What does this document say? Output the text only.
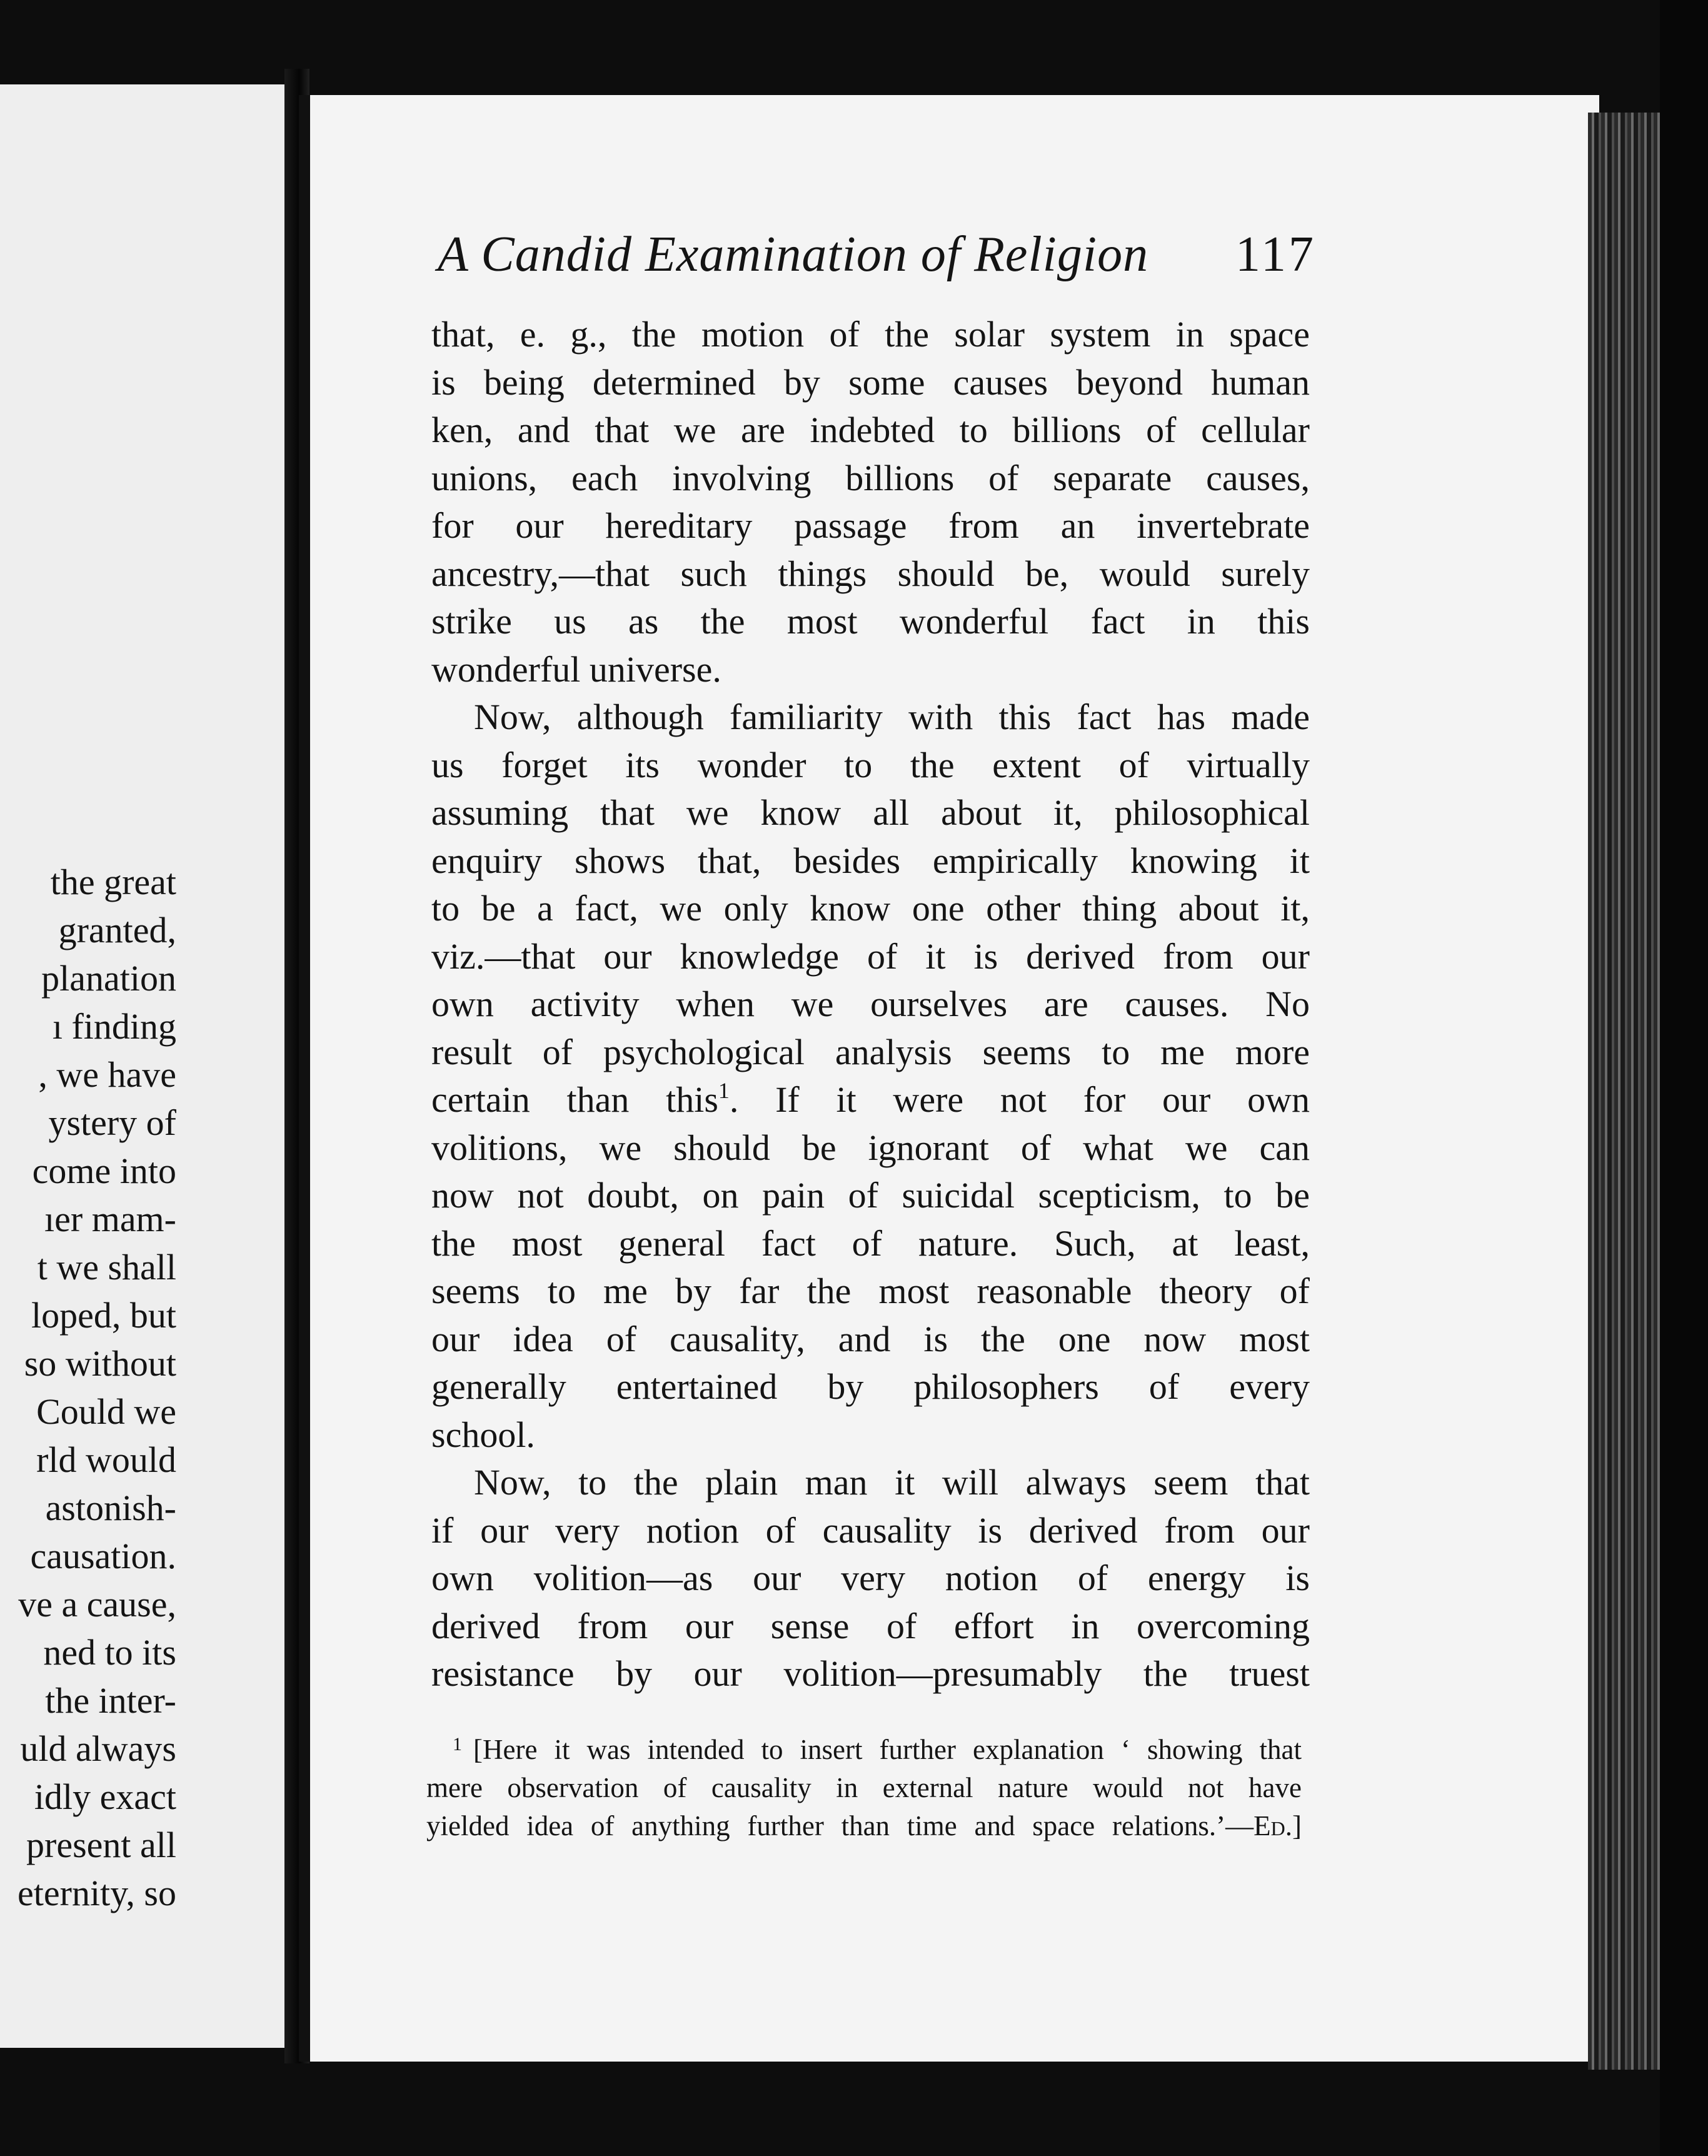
the great
granted,
planation
ı finding
, we have
ystery of
come into
ıer mam-
t we shall
loped, but
so without
Could we
rld would
astonish-
causation.
ve a cause,
ned to its
the inter-
uld always
idly exact
present all
eternity, so
A Candid Examination of Religion 117
that, e. g., the motion of the solar system in space
is being determined by some causes beyond human
ken, and that we are indebted to billions of cellular
unions, each involving billions of separate causes,
for our hereditary passage from an invertebrate
ancestry,—that such things should be, would surely
strike us as the most wonderful fact in this
wonderful universe.
Now, although familiarity with this fact has made
us forget its wonder to the extent of virtually
assuming that we know all about it, philosophical
enquiry shows that, besides empirically knowing it
to be a fact, we only know one other thing about it,
viz.—that our knowledge of it is derived from our
own activity when we ourselves are causes. No
result of psychological analysis seems to me more
certain than this$^1$. If it were not for our own
volitions, we should be ignorant of what we can
now not doubt, on pain of suicidal scepticism, to be
the most general fact of nature. Such, at least,
seems to me by far the most reasonable theory of
our idea of causality, and is the one now most
generally entertained by philosophers of every
school.
Now, to the plain man it will always seem that
if our very notion of causality is derived from our
own volition—as our very notion of energy is
derived from our sense of effort in overcoming
resistance by our volition—presumably the truest
$^1$ [Here it was intended to insert further explanation ‘ showing that
mere observation of causality in external nature would not have
yielded idea of anything further than time and space relations.’—Ed.]
